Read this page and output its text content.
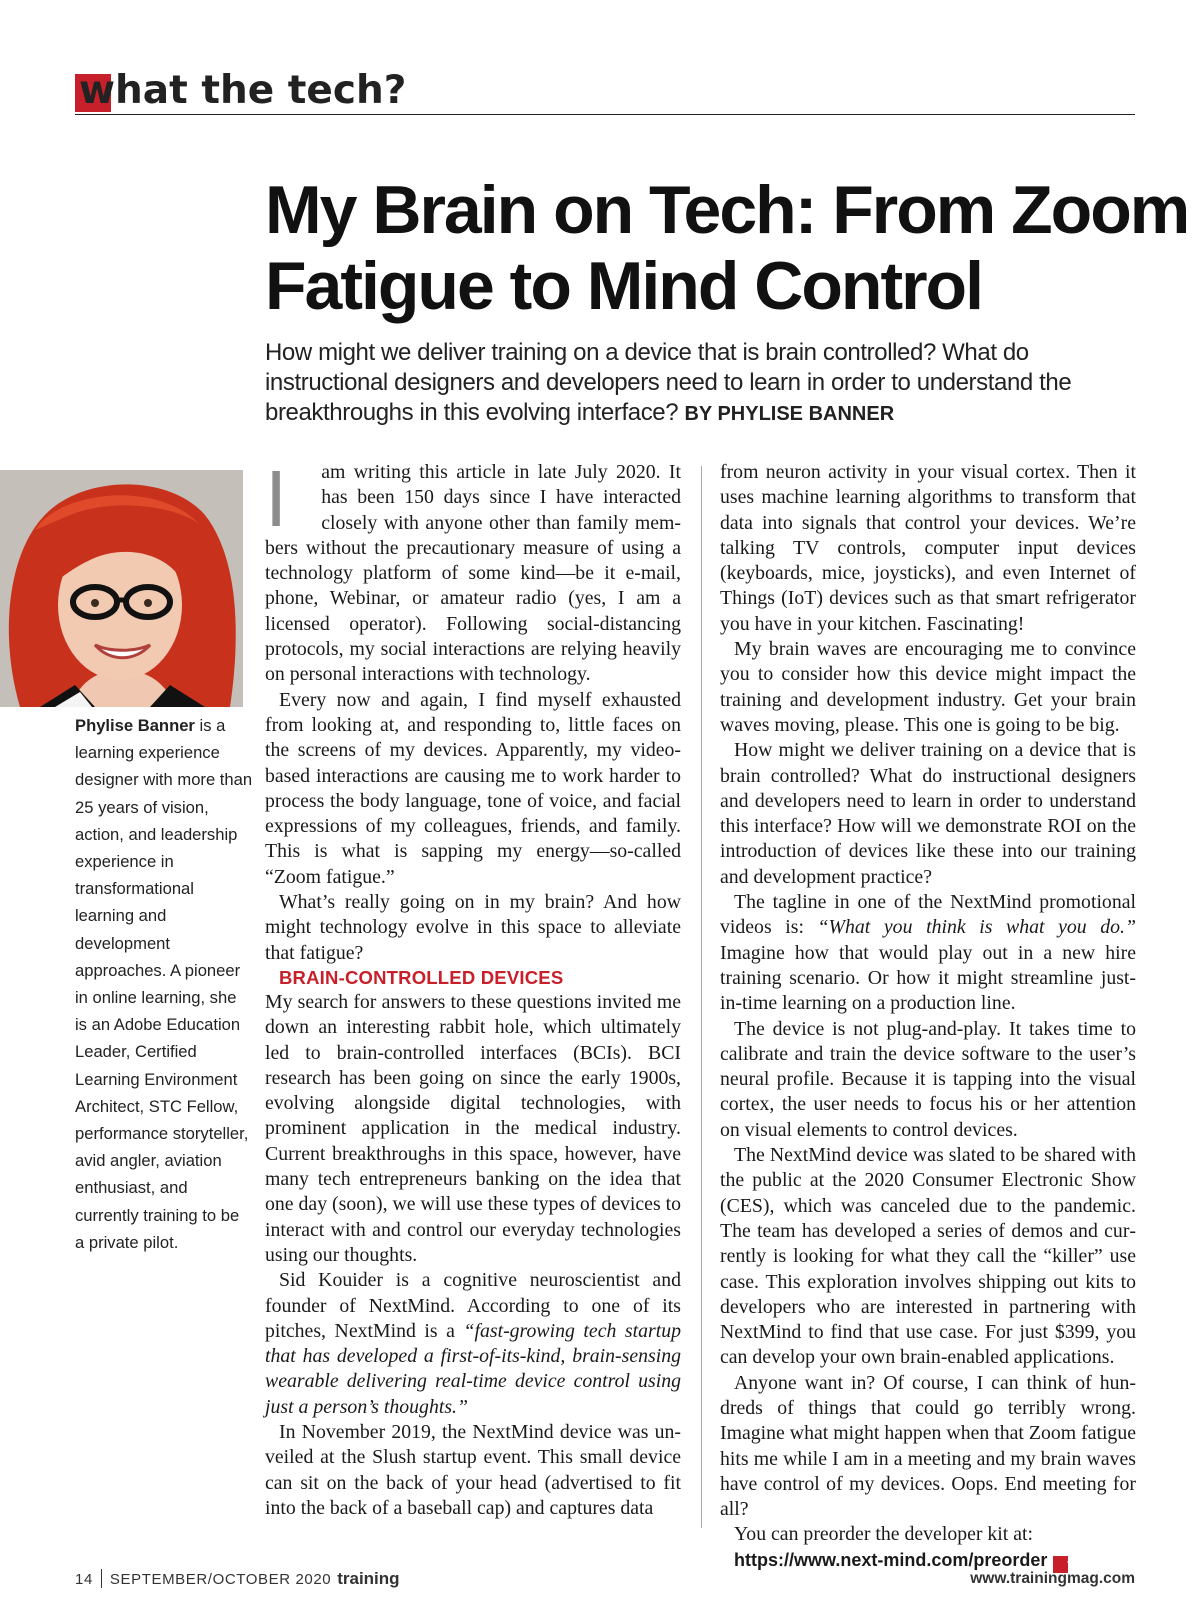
what the tech?
My Brain on Tech: From Zoom
Fatigue to Mind Control
How might we deliver training on a device that is brain controlled? What do instructional designers and developers need to learn in order to understand the breakthroughs in this evolving interface? BY PHYLISE BANNER
Phylise Banner is a learning experience designer with more than 25 years of vision, action, and leadership experience in transformational learning and development approaches. A pioneer in online learning, she is an Adobe Education Leader, Certified Learning Environment Architect, STC Fellow, performance storyteller, avid angler, aviation enthusiast, and currently training to be a private pilot.

I am writing this article in late July 2020. It has been 150 days since I have interacted closely with anyone other than family members without the precautionary measure of using a technology platform of some kind—be it e-mail, phone, Webinar, or amateur radio (yes, I am a licensed operator). Following social-distancing protocols, my social interactions are relying heavily on personal interactions with technology.

Every now and again, I find myself exhausted from looking at, and responding to, little faces on the screens of my devices. Apparently, my video-based interactions are causing me to work harder to process the body language, tone of voice, and facial expressions of my colleagues, friends, and family. This is what is sapping my energy—so-called “Zoom fatigue.”

What’s really going on in my brain? And how might technology evolve in this space to alleviate that fatigue?

BRAIN-CONTROLLED DEVICES

My search for answers to these questions invited me down an interesting rabbit hole, which ultimately led to brain-controlled interfaces (BCIs). BCI research has been going on since the early 1900s, evolving alongside digital technologies, with prominent application in the medical industry. Current breakthroughs in this space, however, have many tech entrepreneurs banking on the idea that one day (soon), we will use these types of devices to interact with and control our everyday technologies using our thoughts.

Sid Kouider is a cognitive neuroscientist and founder of NextMind. According to one of its pitches, NextMind is a “fast-growing tech startup that has developed a first-of-its-kind, brain-sensing wearable delivering real-time device control using just a person’s thoughts.”

In November 2019, the NextMind device was unveiled at the Slush startup event. This small device can sit on the back of your head (advertised to fit into the back of a baseball cap) and captures data

from neuron activity in your visual cortex. Then it uses machine learning algorithms to transform that data into signals that control your devices. We’re talking TV controls, computer input devices (keyboards, mice, joysticks), and even Internet of Things (IoT) devices such as that smart refrigerator you have in your kitchen. Fascinating!

My brain waves are encouraging me to convince you to consider how this device might impact the training and development industry. Get your brain waves moving, please. This one is going to be big.

How might we deliver training on a device that is brain controlled? What do instructional designers and developers need to learn in order to understand this interface? How will we demonstrate ROI on the introduction of devices like these into our training and development practice?

The tagline in one of the NextMind promotional videos is: “What you think is what you do.” Imagine how that would play out in a new hire training scenario. Or how it might streamline just-in-time learning on a production line.

The device is not plug-and-play. It takes time to calibrate and train the device software to the user’s neural profile. Because it is tapping into the visual cortex, the user needs to focus his or her attention on visual elements to control devices.

The NextMind device was slated to be shared with the public at the 2020 Consumer Electronic Show (CES), which was canceled due to the pandemic. The team has developed a series of demos and currently is looking for what they call the “killer” use case. This exploration involves shipping out kits to developers who are interested in partnering with NextMind to find that use case. For just $399, you can develop your own brain-enabled applications.

Anyone want in? Of course, I can think of hundreds of things that could go terribly wrong. Imagine what might happen when that Zoom fatigue hits me while I am in a meeting and my brain waves have control of my devices. Oops. End meeting for all?

You can preorder the developer kit at:

https://www.next-mind.com/preorder t

14 SEPTEMBER/OCTOBER 2020 training	www.trainingmag.com
